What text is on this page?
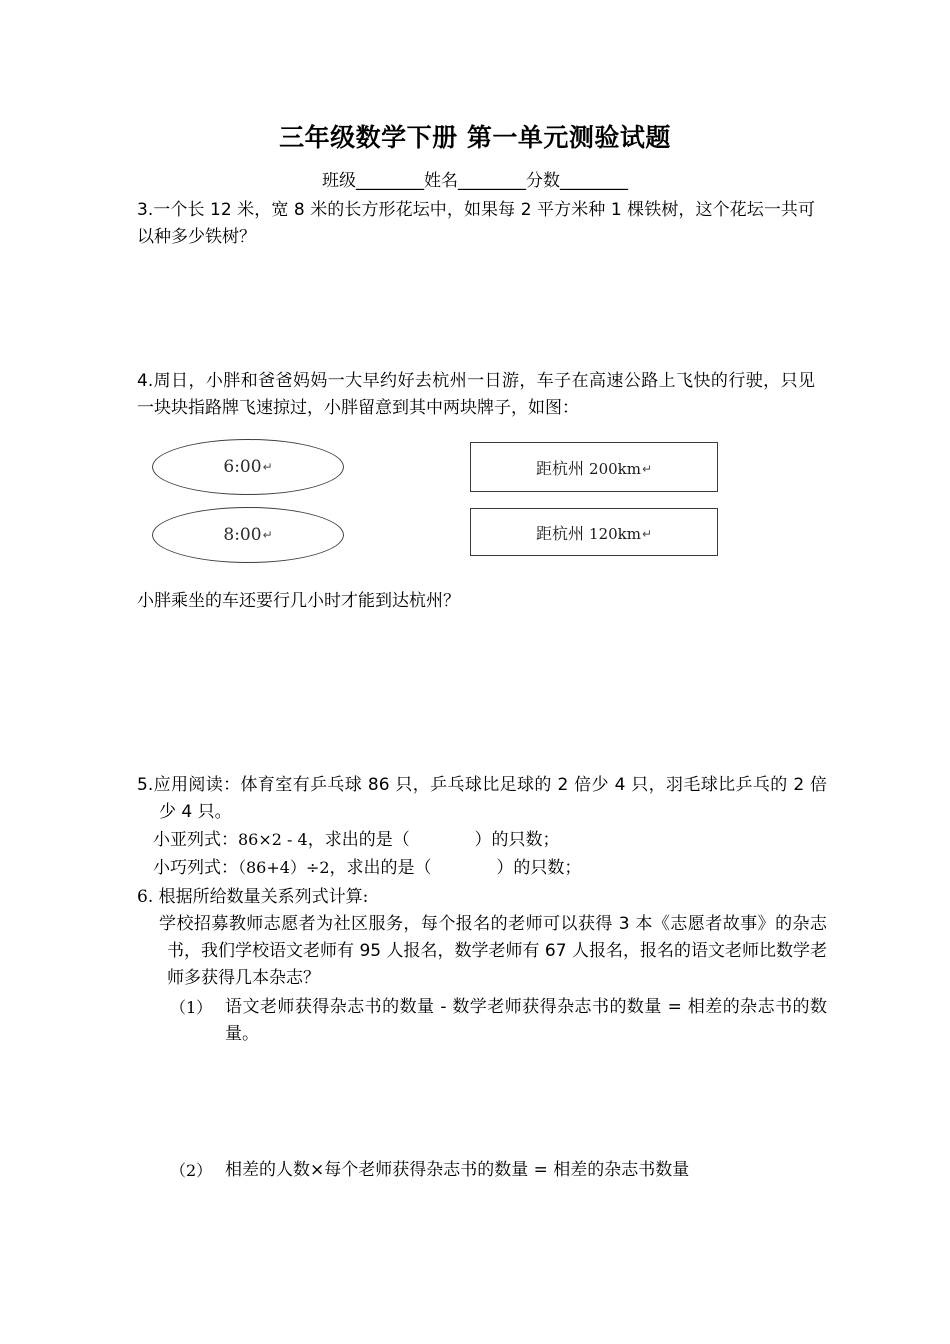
三年级数学下册 第一单元测验试题
班级________姓名________分数________
3.一个长 12 米，宽 8 米的长方形花坛中，如果每 2 平方米种 1 棵铁树，这个花坛一共可以种多少铁树？
4.周日，小胖和爸爸妈妈一大早约好去杭州一日游，车子在高速公路上飞快的行驶，只见一块块指路牌飞速掠过，小胖留意到其中两块牌子，如图：
6:00↵
8:00↵
距杭州 200km↵
距杭州 120km↵
小胖乘坐的车还要行几小时才能到达杭州？
5.应用阅读：体育室有乒乓球 86 只，乒乓球比足球的 2 倍少 4 只，羽毛球比乒乓的 2 倍少 4 只。
小亚列式：86×2 - 4，求出的是（            ）的只数；
小巧列式：（86+4）÷2，求出的是（            ）的只数；
6. 根据所给数量关系列式计算:
学校招募教师志愿者为社区服务，每个报名的老师可以获得 3 本《志愿者故事》的杂志书，我们学校语文老师有 95 人报名，数学老师有 67 人报名，报名的语文老师比数学老师多获得几本杂志？
（1） 语文老师获得杂志书的数量 - 数学老师获得杂志书的数量 = 相差的杂志书的数量。
（2） 相差的人数×每个老师获得杂志书的数量 = 相差的杂志书数量
